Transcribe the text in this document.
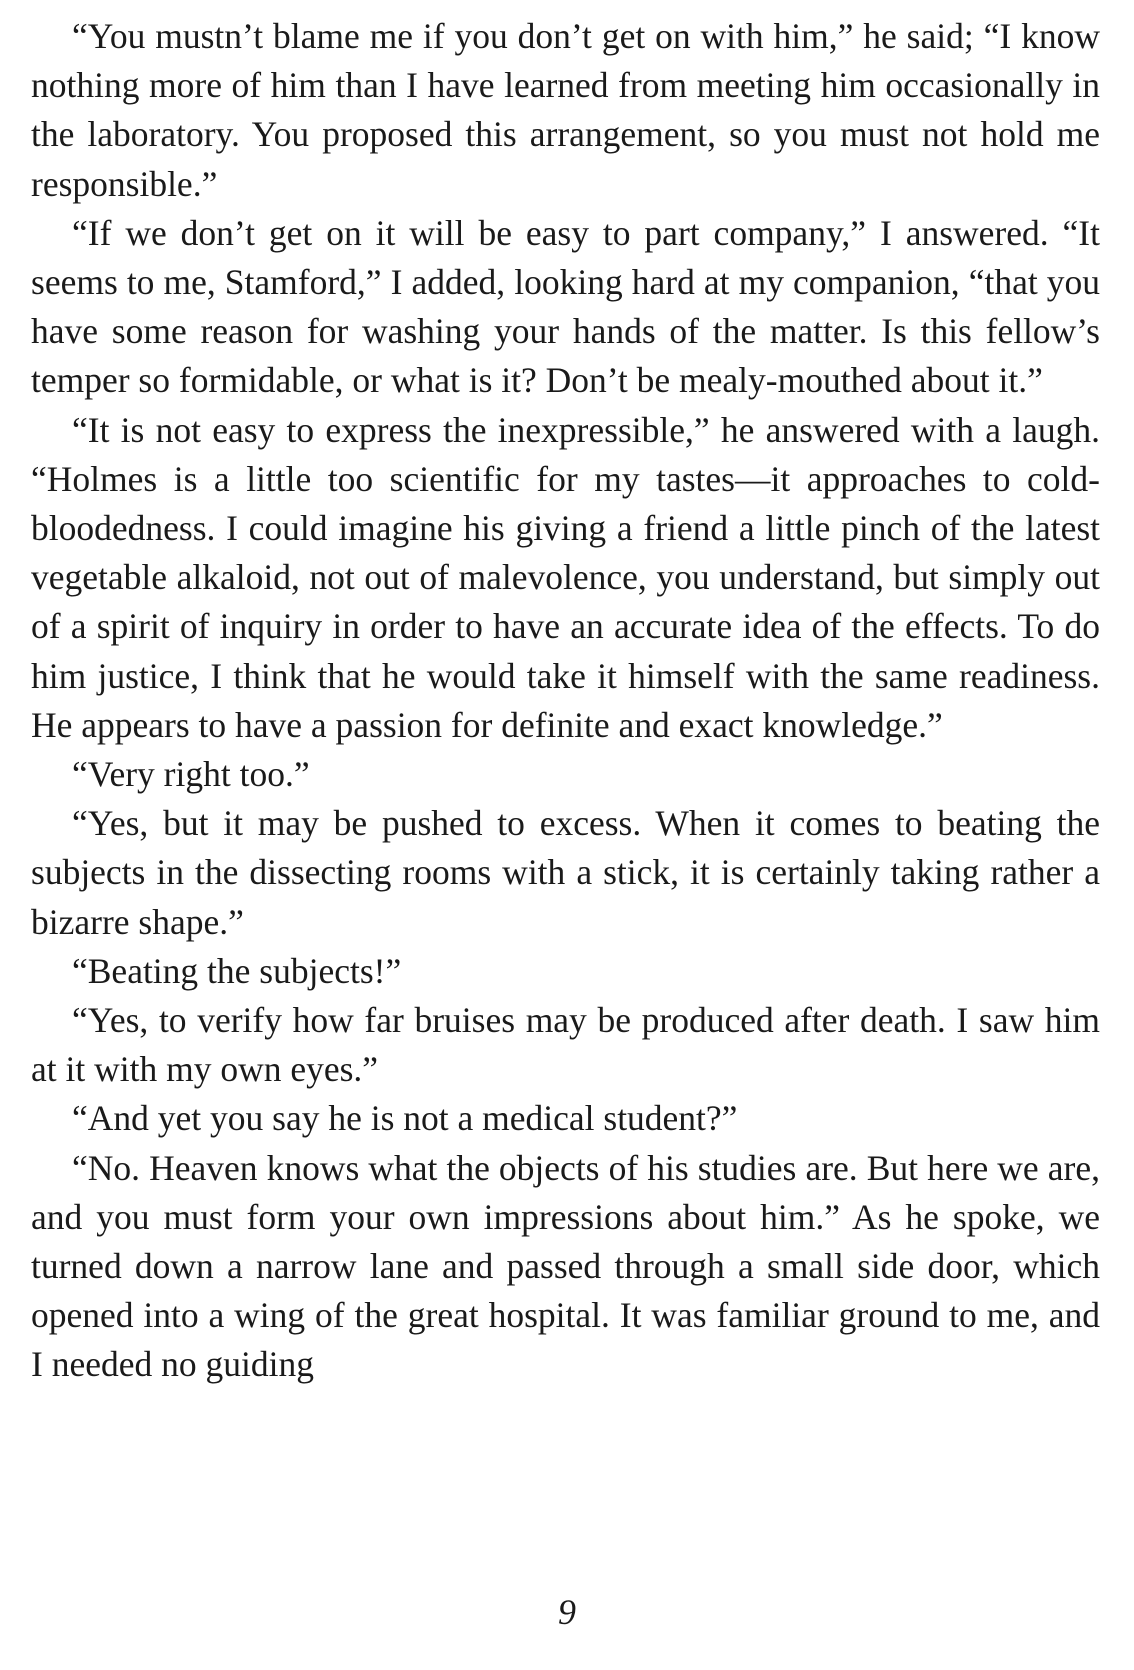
“You mustn’t blame me if you don’t get on with him,” he said; “I know nothing more of him than I have learned from meeting him occasionally in the laboratory. You proposed this arrangement, so you must not hold me responsible.”

“If we don’t get on it will be easy to part company,” I answered. “It seems to me, Stamford,” I added, looking hard at my companion, “that you have some reason for washing your hands of the matter. Is this fellow’s temper so formidable, or what is it? Don’t be mealy-mouthed about it.”

“It is not easy to express the inexpressible,” he answered with a laugh. “Holmes is a little too scientific for my tastes—it approaches to cold-bloodedness. I could imagine his giving a friend a little pinch of the latest vegetable alkaloid, not out of malevolence, you understand, but simply out of a spirit of inquiry in order to have an accurate idea of the effects. To do him justice, I think that he would take it himself with the same readiness. He appears to have a passion for definite and exact knowledge.”

“Very right too.”

“Yes, but it may be pushed to excess. When it comes to beating the subjects in the dissecting rooms with a stick, it is certainly taking rather a bizarre shape.”

“Beating the subjects!”

“Yes, to verify how far bruises may be produced after death. I saw him at it with my own eyes.”

“And yet you say he is not a medical student?”

“No. Heaven knows what the objects of his studies are. But here we are, and you must form your own impressions about him.” As he spoke, we turned down a narrow lane and passed through a small side door, which opened into a wing of the great hospital. It was familiar ground to me, and I needed no guiding

9
